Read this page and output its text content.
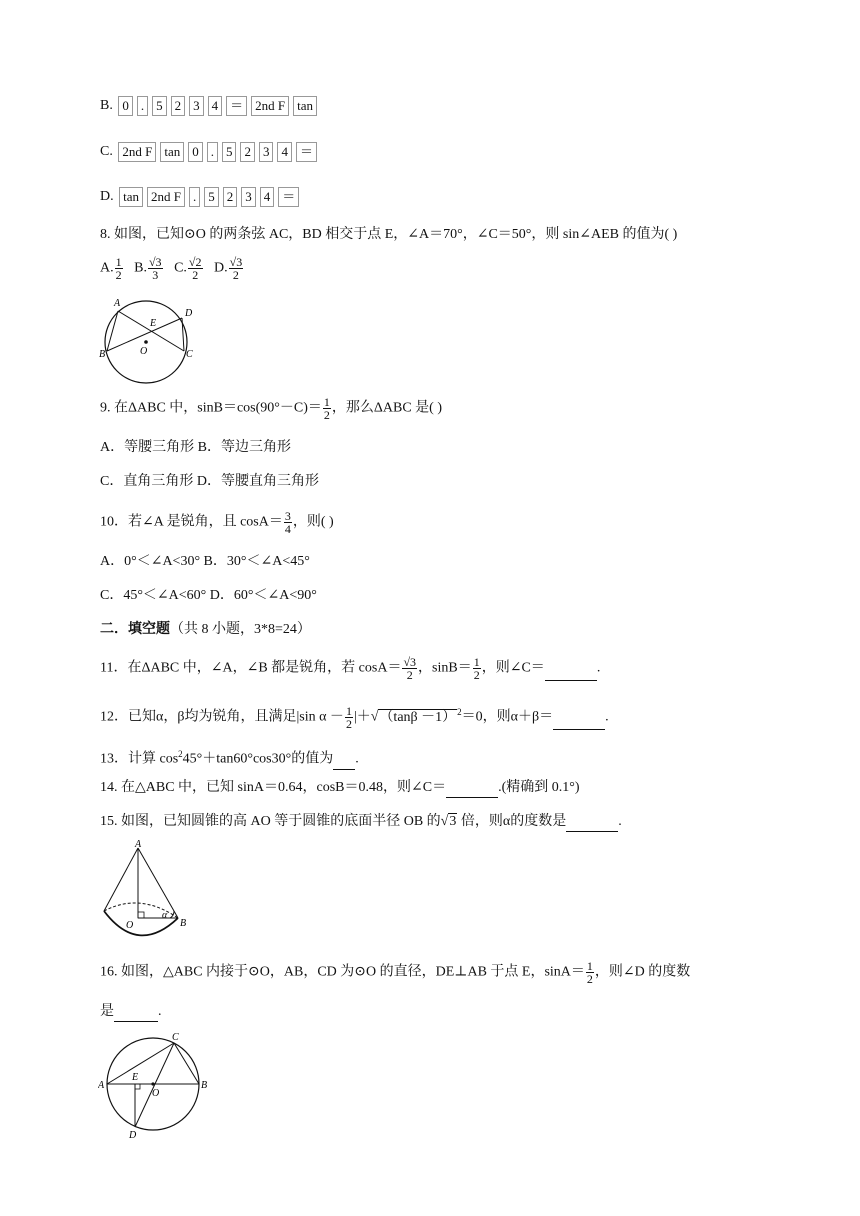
B. 0 . 5 2 3 4 ＝ 2nd F tan
C. 2nd F tan 0 . 5 2 3 4 ＝
D. tan 2nd F . 5 2 3 4 ＝
8. 如图，已知⊙O 的两条弦 AC，BD 相交于点 E，∠A＝70°，∠C＝50°，则 sin∠AEB 的值为( )
A. $\frac{1}{2} B$. $\frac{√3}{3} C$. $\frac{√2}{2} D$. $\frac{√3}{2}$
A
B
E
O
D
C
9. 在ΔABC 中，$\sin B=\cos(90^\circ-C)= \frac{1}{2}$ ，那么ΔABC 是( )
A．等腰三角形 B．等边三角形
C．直角三角形 D．等腰直角三角形
10．若∠A 是锐角，且 $\cos A= \frac{3}{4}$ ，则( )
A．0°＜∠A<30° B．30°＜∠A<45°
C．45°＜∠A<60° D．60°＜∠A<90°
二．填空题（共 8 小题，3*8=24）
11．在ΔABC 中，∠A，∠B 都是锐角，若 $\cos A= \frac{√3}{2}$ ，$\sin B= \frac{1}{2}$ ，则∠C＝	.
12．已知α，β均为锐角，且满足|sin $\alpha - \frac{1}{2} |+√(\tan\beta -1)^2=0$，则α＋β＝	.
13．计算 $\cos^245^\circ+\tan 60^\circ\cos 30^\circ$的值为 .
14. 在△ABC 中，已知 sinA＝0.64，cosB＝0.48，则∠C＝	.(精确到 0.1°)
15. 如图，已知圆锥的高 AO 等于圆锥的底面半径 OB 的√3 倍，则α的度数是	.
A
O
α
B
16. 如图，△ABC 内接于⊙O，AB，CD 为⊙O 的直径，DE⊥AB 于点 E，$\sin A= \frac{1}{2}$ ，则∠D 的度数
是	.
C
A
E
O
B
D
